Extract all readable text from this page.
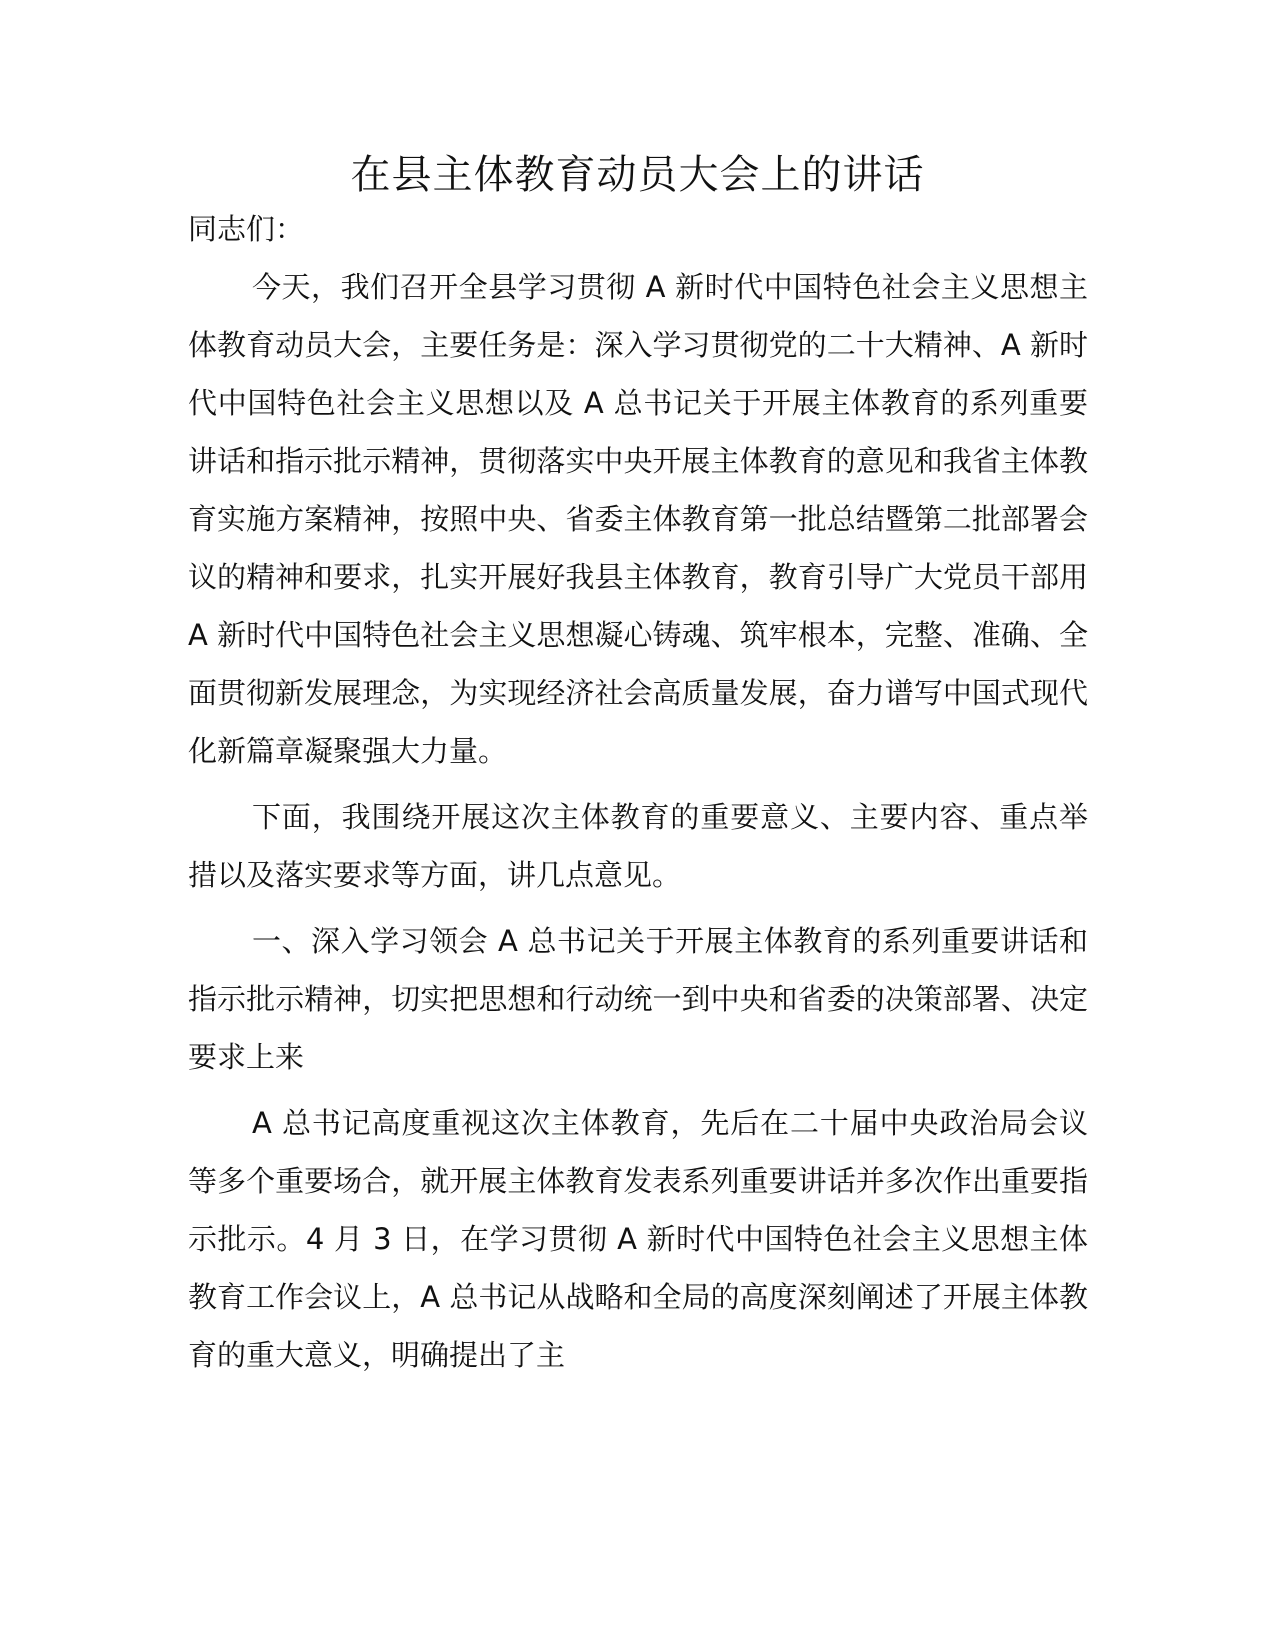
在县主体教育动员大会上的讲话

同志们：

今天，我们召开全县学习贯彻 A 新时代中国特色社会主义思想主体教育动员大会，主要任务是：深入学习贯彻党的二十大精神、A 新时代中国特色社会主义思想以及 A 总书记关于开展主体教育的系列重要讲话和指示批示精神，贯彻落实中央开展主体教育的意见和我省主体教育实施方案精神，按照中央、省委主体教育第一批总结暨第二批部署会议的精神和要求，扎实开展好我县主体教育，教育引导广大党员干部用 A 新时代中国特色社会主义思想凝心铸魂、筑牢根本，完整、准确、全面贯彻新发展理念，为实现经济社会高质量发展，奋力谱写中国式现代化新篇章凝聚强大力量。

下面，我围绕开展这次主体教育的重要意义、主要内容、重点举措以及落实要求等方面，讲几点意见。

一、深入学习领会 A 总书记关于开展主体教育的系列重要讲话和指示批示精神，切实把思想和行动统一到中央和省委的决策部署、决定要求上来

A 总书记高度重视这次主体教育，先后在二十届中央政治局会议等多个重要场合，就开展主体教育发表系列重要讲话并多次作出重要指示批示。4 月 3 日，在学习贯彻 A 新时代中国特色社会主义思想主体教育工作会议上，A 总书记从战略和全局的高度深刻阐述了开展主体教育的重大意义，明确提出了主
